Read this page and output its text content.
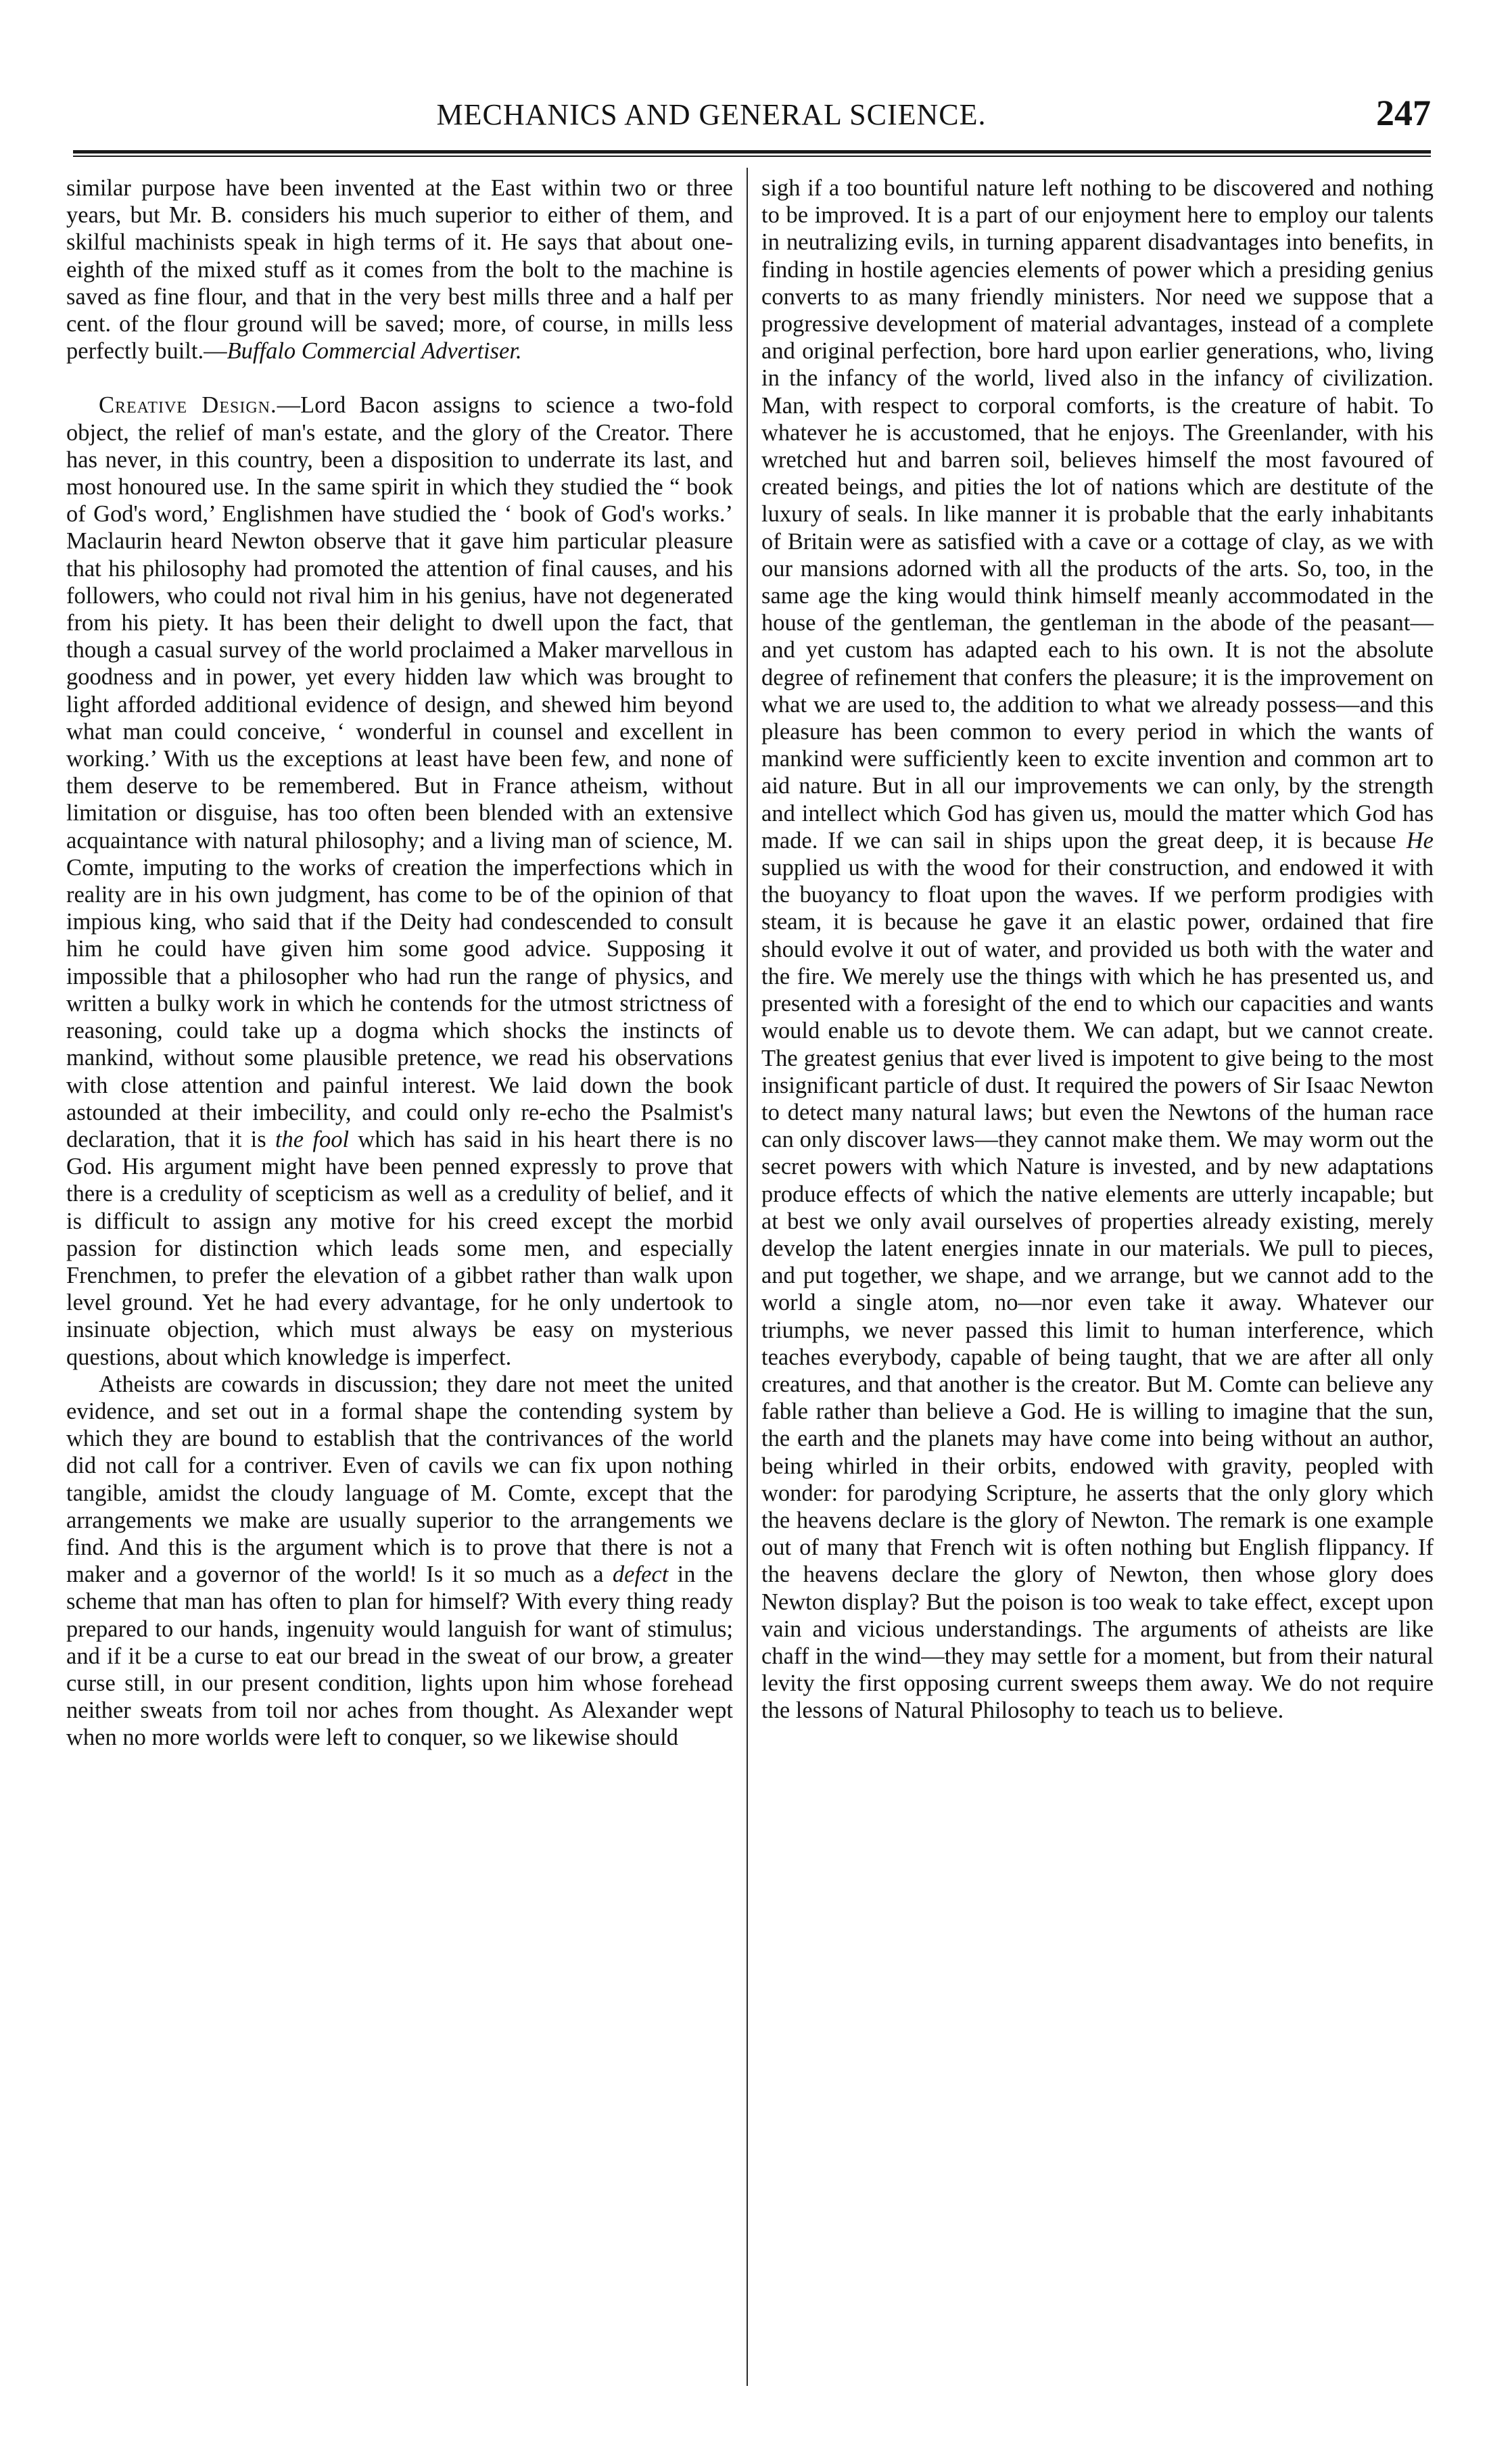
MECHANICS AND GENERAL SCIENCE.	247

similar purpose have been invented at the East within two or three years, but Mr. B. considers his much superior to either of them, and skilful machinists speak in high terms of it. He says that about one-eighth of the mixed stuff as it comes from the bolt to the machine is saved as fine flour, and that in the very best mills three and a half per cent. of the flour ground will be saved; more, of course, in mills less perfectly built.—Buffalo Commercial Advertiser.

Creative Design.—Lord Bacon assigns to science a two-fold object, the relief of man's estate, and the glory of the Creator. There has never, in this country, been a disposition to underrate its last, and most honoured use. In the same spirit in which they studied the “ book of God's word,’ Englishmen have studied the ‘ book of God's works.’ Maclaurin heard Newton observe that it gave him particular pleasure that his philosophy had promoted the attention of final causes, and his followers, who could not rival him in his genius, have not degenerated from his piety. It has been their delight to dwell upon the fact, that though a casual survey of the world proclaimed a Maker marvellous in goodness and in power, yet every hidden law which was brought to light afforded additional evidence of design, and shewed him beyond what man could conceive, ‘ wonderful in counsel and excellent in working.’ With us the exceptions at least have been few, and none of them deserve to be remembered. But in France atheism, without limitation or disguise, has too often been blended with an extensive acquaintance with natural philosophy; and a living man of science, M. Comte, imputing to the works of creation the imperfections which in reality are in his own judgment, has come to be of the opinion of that impious king, who said that if the Deity had condescended to consult him he could have given him some good advice. Supposing it impossible that a philosopher who had run the range of physics, and written a bulky work in which he contends for the utmost strictness of reasoning, could take up a dogma which shocks the instincts of mankind, without some plausible pretence, we read his observations with close attention and painful interest. We laid down the book astounded at their imbecility, and could only re-echo the Psalmist's declaration, that it is the fool which has said in his heart there is no God. His argument might have been penned expressly to prove that there is a credulity of scepticism as well as a credulity of belief, and it is difficult to assign any motive for his creed except the morbid passion for distinction which leads some men, and especially Frenchmen, to prefer the elevation of a gibbet rather than walk upon level ground. Yet he had every advantage, for he only undertook to insinuate objection, which must always be easy on mysterious questions, about which knowledge is imperfect.

Atheists are cowards in discussion; they dare not meet the united evidence, and set out in a formal shape the contending system by which they are bound to establish that the contrivances of the world did not call for a contriver. Even of cavils we can fix upon nothing tangible, amidst the cloudy language of M. Comte, except that the arrangements we make are usually superior to the arrangements we find. And this is the argument which is to prove that there is not a maker and a governor of the world! Is it so much as a defect in the scheme that man has often to plan for himself? With every thing ready prepared to our hands, ingenuity would languish for want of stimulus; and if it be a curse to eat our bread in the sweat of our brow, a greater curse still, in our present condition, lights upon him whose forehead neither sweats from toil nor aches from thought. As Alexander wept when no more worlds were left to conquer, so we likewise should

sigh if a too bountiful nature left nothing to be discovered and nothing to be improved. It is a part of our enjoyment here to employ our talents in neutralizing evils, in turning apparent disadvantages into benefits, in finding in hostile agencies elements of power which a presiding genius converts to as many friendly ministers. Nor need we suppose that a progressive development of material advantages, instead of a complete and original perfection, bore hard upon earlier generations, who, living in the infancy of the world, lived also in the infancy of civilization. Man, with respect to corporal comforts, is the creature of habit. To whatever he is accustomed, that he enjoys. The Greenlander, with his wretched hut and barren soil, believes himself the most favoured of created beings, and pities the lot of nations which are destitute of the luxury of seals. In like manner it is probable that the early inhabitants of Britain were as satisfied with a cave or a cottage of clay, as we with our mansions adorned with all the products of the arts. So, too, in the same age the king would think himself meanly accommodated in the house of the gentleman, the gentleman in the abode of the peasant—and yet custom has adapted each to his own. It is not the absolute degree of refinement that confers the pleasure; it is the improvement on what we are used to, the addition to what we already possess—and this pleasure has been common to every period in which the wants of mankind were sufficiently keen to excite invention and common art to aid nature. But in all our improvements we can only, by the strength and intellect which God has given us, mould the matter which God has made. If we can sail in ships upon the great deep, it is because He supplied us with the wood for their construction, and endowed it with the buoyancy to float upon the waves. If we perform prodigies with steam, it is because he gave it an elastic power, ordained that fire should evolve it out of water, and provided us both with the water and the fire. We merely use the things with which he has presented us, and presented with a foresight of the end to which our capacities and wants would enable us to devote them. We can adapt, but we cannot create. The greatest genius that ever lived is impotent to give being to the most insignificant particle of dust. It required the powers of Sir Isaac Newton to detect many natural laws; but even the Newtons of the human race can only discover laws—they cannot make them. We may worm out the secret powers with which Nature is invested, and by new adaptations produce effects of which the native elements are utterly incapable; but at best we only avail ourselves of properties already existing, merely develop the latent energies innate in our materials. We pull to pieces, and put together, we shape, and we arrange, but we cannot add to the world a single atom, no—nor even take it away. Whatever our triumphs, we never passed this limit to human interference, which teaches everybody, capable of being taught, that we are after all only creatures, and that another is the creator. But M. Comte can believe any fable rather than believe a God. He is willing to imagine that the sun, the earth and the planets may have come into being without an author, being whirled in their orbits, endowed with gravity, peopled with wonder: for parodying Scripture, he asserts that the only glory which the heavens declare is the glory of Newton. The remark is one example out of many that French wit is often nothing but English flippancy. If the heavens declare the glory of Newton, then whose glory does Newton display? But the poison is too weak to take effect, except upon vain and vicious understandings. The arguments of atheists are like chaff in the wind—they may settle for a moment, but from their natural levity the first opposing current sweeps them away. We do not require the lessons of Natural Philosophy to teach us to believe.
